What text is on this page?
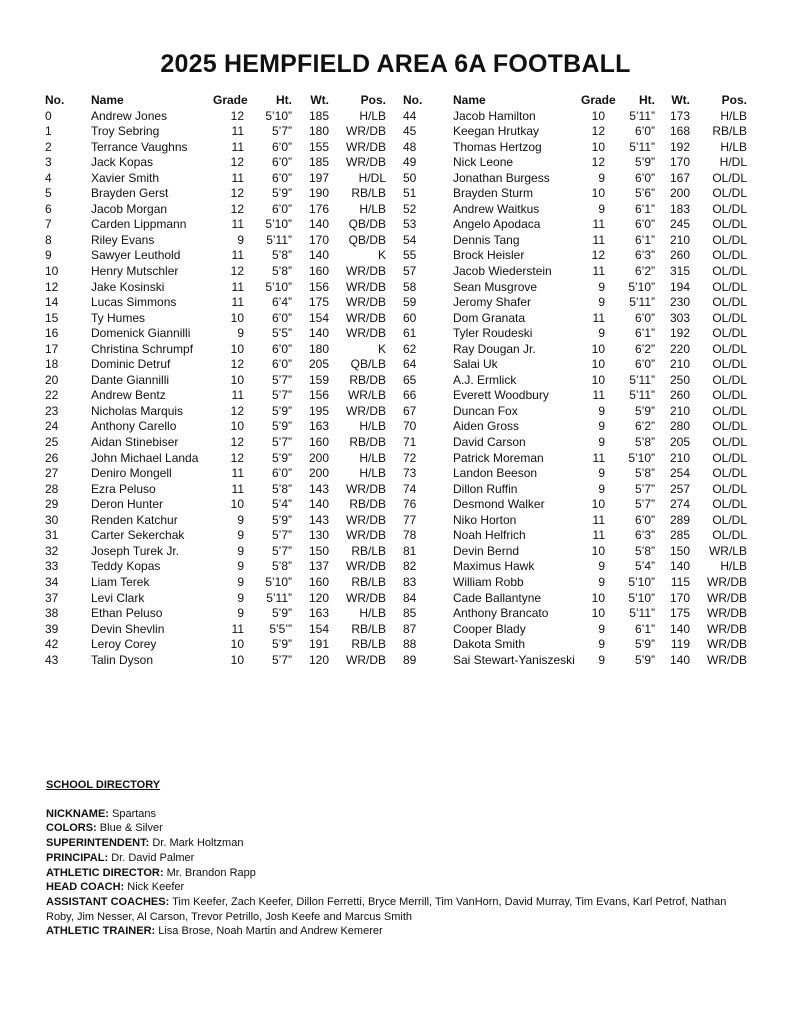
2025 HEMPFIELD AREA 6A FOOTBALL
No.	Name	Grade	Ht.	Wt.	Pos.
0	Andrew Jones	12	5’10”	185	H/LB
1	Troy Sebring	11	5’7”	180	WR/DB
2	Terrance Vaughns	11	6’0”	155	WR/DB
3	Jack Kopas	12	6’0”	185	WR/DB
4	Xavier Smith	11	6’0”	197	H/DL
5	Brayden Gerst	12	5’9”	190	RB/LB
6	Jacob Morgan	12	6’0”	176	H/LB
7	Carden Lippmann	11	5’10”	140	QB/DB
8	Riley Evans	9	5’11”	170	QB/DB
9	Sawyer Leuthold	11	5’8”	140	K
10	Henry Mutschler	12	5’8”	160	WR/DB
12	Jake Kosinski	11	5’10”	156	WR/DB
14	Lucas Simmons	11	6’4”	175	WR/DB
15	Ty Humes	10	6’0”	154	WR/DB
16	Domenick Giannilli	9	5’5”	140	WR/DB
17	Christina Schrumpf	10	6’0”	180	K
18	Dominic Detruf	12	6’0”	205	QB/LB
20	Dante Giannilli	10	5’7”	159	RB/DB
22	Andrew Bentz	11	5’7”	156	WR/LB
23	Nicholas Marquis	12	5’9”	195	WR/DB
24	Anthony Carello	10	5’9”	163	H/LB
25	Aidan Stinebiser	12	5’7”	160	RB/DB
26	John Michael Landa	12	5’9”	200	H/LB
27	Deniro Mongell	11	6’0”	200	H/LB
28	Ezra Peluso	11	5’8”	143	WR/DB
29	Deron Hunter	10	5’4”	140	RB/DB
30	Renden Katchur	9	5’9”	143	WR/DB
31	Carter Sekerchak	9	5’7”	130	WR/DB
32	Joseph Turek Jr.	9	5’7”	150	RB/LB
33	Teddy Kopas	9	5’8”	137	WR/DB
34	Liam Terek	9	5’10”	160	RB/LB
37	Levi Clark	9	5’11”	120	WR/DB
38	Ethan Peluso	9	5’9”	163	H/LB
39	Devin Shevlin	11	5’5’”	154	RB/LB
42	Leroy Corey	10	5’9”	191	RB/LB
43	Talin Dyson	10	5’7”	120	WR/DB
No.	Name	Grade	Ht.	Wt.	Pos.
44	Jacob Hamilton	10	5’11”	173	H/LB
45	Keegan Hrutkay	12	6’0”	168	RB/LB
48	Thomas Hertzog	10	5’11”	192	H/LB
49	Nick Leone	12	5’9”	170	H/DL
50	Jonathan Burgess	9	6’0”	167	OL/DL
51	Brayden Sturm	10	5’6”	200	OL/DL
52	Andrew Waitkus	9	6’1”	183	OL/DL
53	Angelo Apodaca	11	6’0”	245	OL/DL
54	Dennis Tang	11	6’1”	210	OL/DL
55	Brock Heisler	12	6’3”	260	OL/DL
57	Jacob Wiederstein	11	6’2”	315	OL/DL
58	Sean Musgrove	9	5’10”	194	OL/DL
59	Jeromy Shafer	9	5’11”	230	OL/DL
60	Dom Granata	11	6’0”	303	OL/DL
61	Tyler Roudeski	9	6’1”	192	OL/DL
62	Ray Dougan Jr.	10	6’2”	220	OL/DL
64	Salai Uk	10	6’0”	210	OL/DL
65	A.J. Ermlick	10	5’11”	250	OL/DL
66	Everett Woodbury	11	5’11”	260	OL/DL
67	Duncan Fox	9	5’9”	210	OL/DL
70	Aiden Gross	9	6’2”	280	OL/DL
71	David Carson	9	5’8”	205	OL/DL
72	Patrick Moreman	11	5’10”	210	OL/DL
73	Landon Beeson	9	5’8”	254	OL/DL
74	Dillon Ruffin	9	5’7”	257	OL/DL
76	Desmond Walker	10	5’7”	274	OL/DL
77	Niko Horton	11	6’0”	289	OL/DL
78	Noah Helfrich	11	6’3”	285	OL/DL
81	Devin Bernd	10	5’8”	150	WR/LB
82	Maximus Hawk	9	5’4”	140	H/LB
83	William Robb	9	5’10”	115	WR/DB
84	Cade Ballantyne	10	5’10”	170	WR/DB
85	Anthony Brancato	10	5’11”	175	WR/DB
87	Cooper Blady	9	6’1”	140	WR/DB
88	Dakota Smith	9	5’9”	119	WR/DB
89	Sai Stewart-Yaniszeski	9	5’9”	140	WR/DB

SCHOOL DIRECTORY

NICKNAME: Spartans

COLORS: Blue & Silver

SUPERINTENDENT: Dr. Mark Holtzman

PRINCIPAL: Dr. David Palmer

ATHLETIC DIRECTOR: Mr. Brandon Rapp

HEAD COACH: Nick Keefer

ASSISTANT COACHES: Tim Keefer, Zach Keefer, Dillon Ferretti, Bryce Merrill, Tim VanHorn, David Murray, Tim Evans, Karl Petrof, Nathan Roby, Jim Nesser, Al Carson, Trevor Petrillo, Josh Keefe and Marcus Smith

ATHLETIC TRAINER: Lisa Brose, Noah Martin and Andrew Kemerer
